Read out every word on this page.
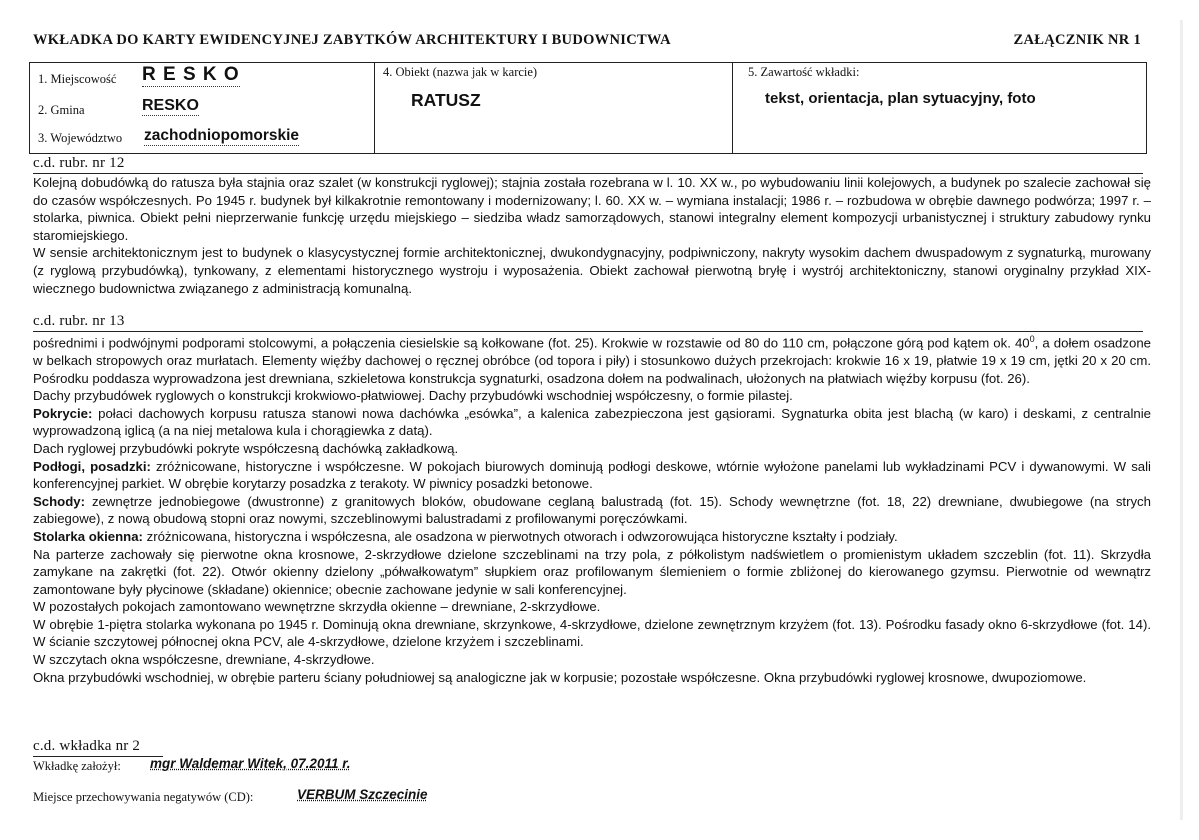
WKŁADKA DO KARTY EWIDENCYJNEJ ZABYTKÓW ARCHITEKTURY I BUDOWNICTWA	ZAŁĄCZNIK NR 1
1. Miejscowość R E S K O
2. Gmina	RESKO
3. Województwo zachodniopomorskie
4. Obiekt (nazwa jak w karcie)
RATUSZ
5. Zawartość wkładki:
tekst, orientacja, plan sytuacyjny, foto
c.d. rubr. nr 12

Kolejną dobudówką do ratusza była stajnia oraz szalet (w konstrukcji ryglowej); stajnia została rozebrana w l. 10. XX w., po wybudowaniu linii kolejowych, a budynek po szalecie zachował się do czasów współczesnych. Po 1945 r. budynek był kilkakrotnie remontowany i modernizowany; l. 60. XX w. – wymiana instalacji; 1986 r. – rozbudowa w obrębie dawnego podwórza; 1997 r. – stolarka, piwnica. Obiekt pełni nieprzerwanie funkcję urzędu miejskiego – siedziba władz samorządowych, stanowi integralny element kompozycji urbanistycznej i struktury zabudowy rynku staromiejskiego.

W sensie architektonicznym jest to budynek o klasycystycznej formie architektonicznej, dwukondygnacyjny, podpiwniczony, nakryty wysokim dachem dwuspadowym z sygnaturką, murowany (z ryglową przybudówką), tynkowany, z elementami historycznego wystroju i wyposażenia. Obiekt zachował pierwotną bryłę i wystrój architektoniczny, stanowi oryginalny przykład XIX-wiecznego budownictwa związanego z administracją komunalną.

c.d. rubr. nr 13

pośrednimi i podwójnymi podporami stolcowymi, a połączenia ciesielskie są kołkowane (fot. 25). Krokwie w rozstawie od 80 do 110 cm, połączone górą pod kątem ok. $40^0$, a dołem osadzone w belkach stropowych oraz murłatach. Elementy więźby dachowej o ręcznej obróbce (od topora i piły) i stosunkowo dużych przekrojach: krokwie 16 x 19, płatwie 19 x 19 cm, jętki 20 x 20 cm. Pośrodku poddasza wyprowadzona jest drewniana, szkieletowa konstrukcja sygnaturki, osadzona dołem na podwalinach, ułożonych na płatwiach więźby korpusu (fot. 26).

Dachy przybudówek ryglowych o konstrukcji krokwiowo-płatwiowej. Dachy przybudówki wschodniej współczesny, o formie pilastej.

Pokrycie: połaci dachowych korpusu ratusza stanowi nowa dachówka „esówka”, a kalenica zabezpieczona jest gąsiorami. Sygnaturka obita jest blachą (w karo) i deskami, z centralnie wyprowadzoną iglicą (a na niej metalowa kula i chorągiewka z datą).

Dach ryglowej przybudówki pokryte współczesną dachówką zakładkową.

Podłogi, posadzki: zróżnicowane, historyczne i współczesne. W pokojach biurowych dominują podłogi deskowe, wtórnie wyłożone panelami lub wykładzinami PCV i dywanowymi. W sali konferencyjnej parkiet. W obrębie korytarzy posadzka z terakoty. W piwnicy posadzki betonowe.

Schody: zewnętrze jednobiegowe (dwustronne) z granitowych bloków, obudowane ceglaną balustradą (fot. 15). Schody wewnętrzne (fot. 18, 22) drewniane, dwubiegowe (na strych zabiegowe), z nową obudową stopni oraz nowymi, szczeblinowymi balustradami z profilowanymi poręczówkami.

Stolarka okienna: zróżnicowana, historyczna i współczesna, ale osadzona w pierwotnych otworach i odwzorowująca historyczne kształty i podziały.

Na parterze zachowały się pierwotne okna krosnowe, 2-skrzydłowe dzielone szczeblinami na trzy pola, z półkolistym nadświetlem o promienistym układem szczeblin (fot. 11). Skrzydła zamykane na zakrętki (fot. 22). Otwór okienny dzielony „półwałkowatym” słupkiem oraz profilowanym ślemieniem o formie zbliżonej do kierowanego gzymsu. Pierwotnie od wewnątrz zamontowane były płycinowe (składane) okiennice; obecnie zachowane jedynie w sali konferencyjnej.

W pozostałych pokojach zamontowano wewnętrzne skrzydła okienne – drewniane, 2-skrzydłowe.

W obrębie 1-piętra stolarka wykonana po 1945 r. Dominują okna drewniane, skrzynkowe, 4-skrzydłowe, dzielone zewnętrznym krzyżem (fot. 13). Pośrodku fasady okno 6-skrzydłowe (fot. 14). W ścianie szczytowej północnej okna PCV, ale 4-skrzydłowe, dzielone krzyżem i szczeblinami.

W szczytach okna współczesne, drewniane, 4-skrzydłowe.

Okna przybudówki wschodniej, w obrębie parteru ściany południowej są analogiczne jak w korpusie; pozostałe współczesne. Okna przybudówki ryglowej krosnowe, dwupoziomowe.

c.d. wkładka nr 2
Wkładkę założył: mgr Waldemar Witek, 07.2011 r.
Miejsce przechowywania negatywów (CD):	VERBUM Szczecinie
